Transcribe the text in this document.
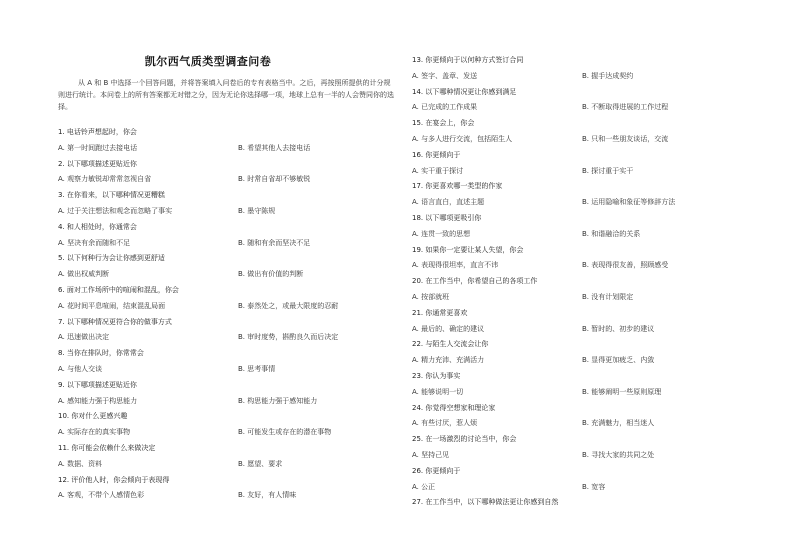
凯尔西气质类型调查问卷
从 A 和 B 中选择一个回答问题，并将答案填入问卷后的专有表格当中。之后，再按照所提供的计分规则进行统计。本问卷上的所有答案都无对错之分，因为无论你选择哪一项，地球上总有一半的人会赞同你的选择。
1. 电话铃声想起时，你会
A. 第一时间跑过去接电话	B. 希望其他人去接电话
2. 以下哪项描述更贴近你
A. 观察力敏锐却常常忽视自省	B. 时常自省却不够敏锐
3. 在你看来，以下哪种情况更糟糕
A. 过于关注想法和观念而忽略了事实	B. 墨守陈规
4. 和人相处时，你通常会
A. 坚决有余而随和不足	B. 随和有余而坚决不足
5. 以下何种行为会让你感到更舒适
A. 做出权威判断	B. 做出有价值的判断
6. 面对工作场所中的喧闹和混乱，你会
A. 花时间平息喧闹，结束混乱局面	B. 泰然处之，或最大限度的忍耐
7. 以下哪种情况更符合你的做事方式
A. 迅速做出决定	B. 审时度势，斟酌良久而后决定
8. 当你在排队时，你常常会
A. 与他人交谈	B. 思考事情
9. 以下哪项描述更贴近你
A. 感知能力强于构思能力	B. 构思能力强于感知能力
10. 你对什么更感兴趣
A. 实际存在的真实事物	B. 可能发生或存在的潜在事物
11. 你可能会依赖什么来做决定
A. 数据、资料	B. 愿望、要求
12. 评价他人时，你会倾向于表现得
A. 客观，不带个人感情色彩	B. 友好，有人情味
13. 你更倾向于以何种方式签订合同
A. 签字、盖章、发送	B. 握手达成契约
14. 以下哪种情况更让你感到满足
A. 已完成的工作成果	B. 不断取得进展的工作过程
15. 在宴会上，你会
A. 与多人进行交流，包括陌生人	B. 只和一些朋友谈话，交流
16. 你更倾向于
A. 实干重于探讨	B. 探讨重于实干
17. 你更喜欢哪一类型的作家
A. 语言直白，直述主题	B. 运用隐喻和象征等修辞方法
18. 以下哪项更吸引你
A. 连贯一致的思想	B. 和谐融洽的关系
19. 如果你一定要让某人失望，你会
A. 表现得很坦率，直言不讳	B. 表现得很友善，照顾感受
20. 在工作当中，你希望自己的各项工作
A. 按部就班	B. 没有计划限定
21. 你通常更喜欢
A. 最后的、确定的建议	B. 暂时的、初步的建议
22. 与陌生人交流会让你
A. 精力充沛、充满活力	B. 显得更加疲乏、内敛
23. 你认为事实
A. 能够说明一切	B. 能够阐明一些原则原理
24. 你觉得空想家和理论家
A. 有些讨厌，惹人烦	B. 充满魅力，相当迷人
25. 在一场激烈的讨论当中，你会
A. 坚持己见	B. 寻找大家的共同之处
26. 你更倾向于
A. 公正	B. 宽容
27. 在工作当中，以下哪种做法更让你感到自然
